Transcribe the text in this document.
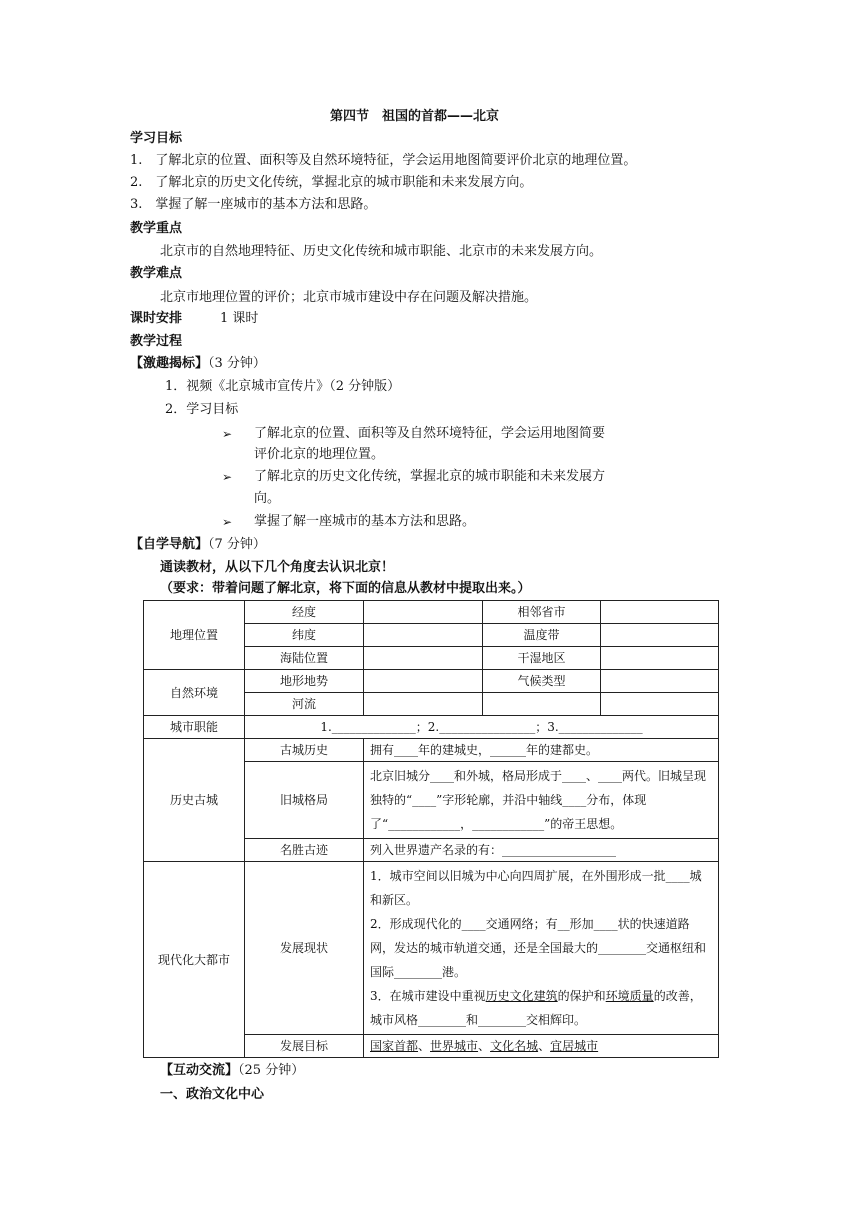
第四节　祖国的首都——北京
学习目标
1.　了解北京的位置、面积等及自然环境特征，学会运用地图简要评价北京的地理位置。
2.　了解北京的历史文化传统，掌握北京的城市职能和未来发展方向。
3.　掌握了解一座城市的基本方法和思路。
教学重点
北京市的自然地理特征、历史文化传统和城市职能、北京市的未来发展方向。
教学难点
北京市地理位置的评价；北京市城市建设中存在问题及解决措施。
课时安排	1 课时
教学过程
【激趣揭标】（3 分钟）
1．视频《北京城市宣传片》（2 分钟版）
2．学习目标
➢ 了解北京的位置、面积等及自然环境特征，学会运用地图简要
评价北京的地理位置。
➢ 了解北京的历史文化传统，掌握北京的城市职能和未来发展方
向。
➢ 掌握了解一座城市的基本方法和思路。
【自学导航】（7 分钟）
通读教材，从以下几个角度去认识北京！
（要求：带着问题了解北京，将下面的信息从教材中提取出来。）
地理位置	经度		相邻省市	
	纬度		温度带	
	海陆位置		干湿地区	
自然环境	地形地势		气候类型	
	河流			
城市职能	1.______________；2.________________；3.______________			
历史古城	古城历史	拥有____年的建城史，______年的建都史。		
	旧城格局	北京旧城分____和外城，格局形成于____、____两代。旧城呈现独特的“____”字形轮廓，并沿中轴线____分布，体现了“____________，____________”的帝王思想。		

	名胜古迹	列入世界遗产名录的有：___________________		
现代化大都市	发展现状	1．城市空间以旧城为中心向四周扩展，在外围形成一批____城和新区。

2．形成现代化的____交通网络；有__形加____状的快速道路网，发达的城市轨道交通，还是全国最大的________交通枢纽和国际________港。

3．在城市建设中重视历史文化建筑的保护和环境质量的改善，城市风格________和________交相辉印。		

	发展目标	国家首都、世界城市、文化名城、宜居城市		
【互动交流】（25 分钟）
一、政治文化中心
